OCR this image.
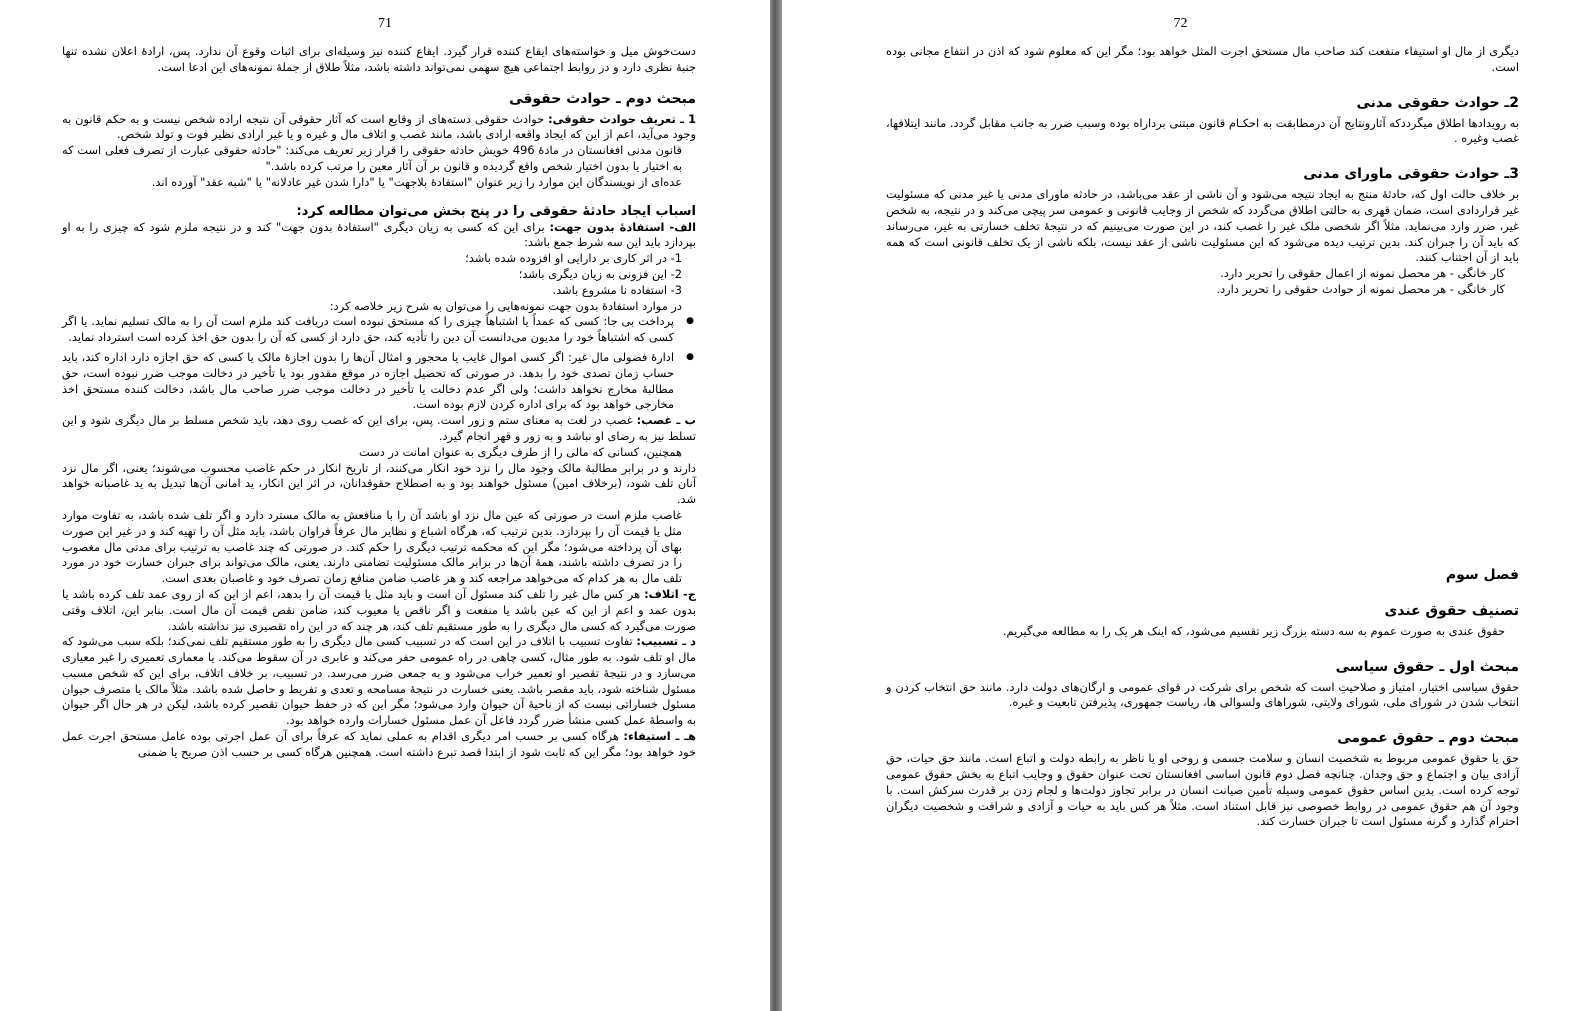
71

دست‌خوش میل و خواسته‌های ایقاع کننده قرار گیرد. ایقاع کننده نیز وسیله‌ای برای اثبات وقوع آن ندارد. پس، ارادهٔ اعلان نشده تنها جنبهٔ نظری دارد و در روابط اجتماعی هیچ سهمی نمی‌تواند داشته باشد، مثلاً طلاق از جملهٔ نمونه‌های این ادعا است.

مبحث دوم ـ حوادث حقوقی

1 ـ تعریف حوادث حقوقی: حوادث حقوقی دسته‌های از وقایع است که آثار حقوقی آن نتیجه اراده شخص نیست و به حکم قانون به وجود می‌آید، اعم از این که ایجاد واقعه ارادی باشد، مانند غصب و اتلاف مال و غیره و یا غیر ارادی نظیر فوت و تولد شخص.

قانون مدنی افغانستان در مادهٔ 496 خویش حادثه حقوقی را قرار زیر تعریف می‌کند: "حادثه حقوقی عبارت از تصرف فعلی است که به اختیار یا بدون اختیار شخص واقع گردیده و قانون بر آن آثار معین را مرتب کرده باشد."

عده‌ای از نویسندگان این موارد را زیر عنوان "استفادهٔ بلاجهت" یا "دارا شدن غیر عادلانه" یا "شبه عقد" آورده اند.

اسباب ایجاد حادثهٔ حقوقی را در پنج بخش می‌توان مطالعه کرد:

الف- استفادهٔ بدون جهت: برای این که کسی به زیان دیگری "استفادهٔ بدون جهت" کند و در نتیجه ملزم شود که چیزی را به او بپردازد باید این سه شرط جمع باشد:

1- در اثر کاری بر دارایی او افزوده شده باشد؛

2- این فزونی به زیان دیگری باشد؛

3- استفاده نا مشروع باشد.

در موارد استفادهٔ بدون جهت نمونه‌هایی را می‌توان به شرح زیر خلاصه کرد:

● پرداخت بی جا: کسی که عمداً یا اشتباهاً چیزی را که مستحق نبوده است دریافت کند ملزم است آن را به مالک تسلیم نماید. یا اگر کسی که اشتباهاً خود را مدیون می‌دانست آن دین را تأدیه کند، حق دارد از کسی که آن را بدون حق اخذ کرده است استرداد نماید.
● ادارهٔ فضولی مال غیر: اگر کسی اموال غایب یا محجور و امثال آن‌ها را بدون اجازهٔ مالک یا کسی که حق اجازه دارد اداره کند، باید حساب زمان تصدی خود را بدهد. در صورتی که تحصیل اجازه در موقع مقدور بود یا تأخیر در دخالت موجب ضرر نبوده است، حق مطالبهٔ مخارج نخواهد داشت؛ ولی اگر عدم دخالت یا تأخیر در دخالت موجب ضرر صاحب مال باشد، دخالت کننده مستحق اخذ مخارجی خواهد بود که برای اداره کردن لازم بوده است.

ب ـ غصب: غصب در لغت به معنای ستم و زور است. پس، برای این که غصب روی دهد، باید شخص مسلط بر مال دیگری شود و این تسلط نیز به رضای او نباشد و به زور و قهر انجام گیرد.

همچنین، کسانی که مالی را از طرف دیگری به عنوان امانت در دست

دارند و در برابر مطالبهٔ مالک وجود مال را نزد خود انکار می‌کنند، از تاریخ انکار در حکم غاصب محسوب می‌شوند؛ یعنی، اگر مال نزد آنان تلف شود، (برخلاف امین) مسئول خواهند بود و به اصطلاح حقوقدانان، در اثر این انکار، ید امانی آن‌ها تبدیل به ید غاصبانه خواهد شد.

غاصب ملزم است در صورتی که عین مال نزد او باشد آن را با منافعش به مالک مسترد دارد و اگر تلف شده باشد، به تفاوت موارد مثل یا قیمت آن را بپردازد. بدین ترتیب که، هرگاه اشباع و نظایر مال عرفاً فراوان باشد، باید مثل آن را تهیه کند و در غیر این صورت بهای آن پرداخته می‌شود؛ مگر این که محکمه ترتیب دیگری را حکم کند. در صورتی که چند غاصب به ترتیب برای مدتی مال مغصوب را در تصرف داشته باشند، همهٔ آن‌ها در برابر مالک مسئولیت تضامنی دارند. یعنی، مالک می‌تواند برای جبران خسارت خود در مورد تلف مال به هر کدام که می‌خواهد مراجعه کند و هر غاصب ضامن منافع زمان تصرف خود و غاصبان بعدی است.

ج- اتلاف: هر کس مال غیر را تلف کند مسئول آن است و باید مثل یا قیمت آن را بدهد، اعم از این که از روی عمد تلف کرده باشد یا بدون عمد و اعم از این که عین باشد یا منفعت و اگر ناقص یا معیوب کند، ضامن نقص قیمت آن مال است. بنابر این، اتلاف وقتی صورت می‌گیرد که کسی مال دیگری را به طور مستقیم تلف کند، هر چند که در این راه تقصیری نیز نداشته باشد.

د ـ تسبیب: تفاوت تسبیب با اتلاف در این است که در تسبیب کسی مال دیگری را به طور مستقیم تلف نمی‌کند؛ بلکه سبب می‌شود که مال او تلف شود. به طور مثال، کسی چاهی در راه عمومی حفر می‌کند و عابری در آن سقوط می‌کند. یا معماری تعمیری را غیر معیاری می‌سازد و در نتیجهٔ تقصیر او تعمیر خراب می‌شود و به جمعی ضرر می‌رسد. در تسبیب، بر خلاف اتلاف، برای این که شخص مسبب مسئول شناخته شود، باید مقصر باشد. یعنی خسارت در نتیجهٔ مسامحه و تعدی و تفریط و حاصل شده باشد. مثلاً مالک یا متصرف حیوان مسئول خساراتی نیست که از ناحیهٔ آن حیوان وارد می‌شود؛ مگر این که در حفظ حیوان تقصیر کرده باشد، لیکن در هر حال اگر حیوان به واسطهٔ عمل کسی منشأ ضرر گردد فاعل آن عمل مسئول خسارات وارده خواهد بود.

هـ ـ استیفاء: هرگاه کسی بر حسب امر دیگری اقدام به عملی نماید که عرفاً برای آن عمل اجرتی بوده عامل مستحق اجرت عمل خود خواهد بود؛ مگر این که ثابت شود از ابتدا قصد تبرع داشته است. همچنین هرگاه کسی بر حسب اذن صریح یا ضمنی

72

دیگری از مال او استیفاء منفعت کند صاحب مال مستحق اجرت المثل خواهد بود؛ مگر این که معلوم شود که اذن در انتفاع مجانی بوده است.

2ـ حوادث حقوقی مدنی

به رویدادها اطلاق میگرددکه آثارونتایج آن درمطابقت به احکـام قانون مبتنی برداراه بوده وسبب ضرر به جانب مقابل گردد. مانند ایتلافها، غصب وغیره .

3ـ حوادث حقوقی ماورای مدنی

بر خلاف حالت اول که، حادثهٔ منتج به ایجاد نتیجه می‌شود و آن ناشی از عقد می‌باشد، در حادثه ماورای مدنی یا غیر مدنی که مسئولیت غیر قراردادی است، ضمان قهری به حالتی اطلاق می‌گردد که شخص از وجایب قانونی و عمومی سر پیچی می‌کند و در نتیجه، به شخص غیر، ضرر وارد می‌نماید. مثلاً اگر شخصی ملک غیر را غصب کند، در این صورت می‌بینیم که در نتیجهٔ تخلف خسارتی به غیر، می‌رساند که باید آن را جبران کند. بدین ترتیب دیده می‌شود که این مسئولیت ناشی از عقد نیست، بلکه ناشی از یک تخلف قانونی است که همه باید از آن اجتناب کنند.

کار خانگی - هر محصل نمونه از اعمال حقوقی را تحریر دارد.

کار خانگی - هر محصل نمونه از حوادث حقوقی را تحریر دارد.

فصل سوم
تصنیف حقوق عندی

حقوق عندی به صورت عموم به سه دسته بزرگ زیر تقسیم می‌شود، که اینک هر یک را به مطالعه می‌گیریم.

مبحث اول ـ حقوق سیاسی

حقوق سیاسی اختیار، امتیاز و صلاحیتِ است که شخص برای شرکت در قوای عمومی و ارگان‌های دولت دارد. مانند حق انتخاب کردن و انتخاب شدن در شورای ملی، شورای ولایتی، شوراهای ولسوالی ها، ریاست جمهوری، پذیرفتن تابعیت و غیره.

مبحث دوم ـ حقوق عمومی

حق یا حقوق عمومی مربوط به شخصیت انسان و سلامت جسمی و روحی او یا ناظر به رابطه دولت و اتباع است. مانند حق حیات، حق آزادی بیان و اجتماع و حق وجدان. چنانچه فصل دوم قانون اساسی افغانستان تحت عنوان حقوق و وجایب اتباع به بخش حقوق عمومی توجه کرده است. بدین اساس حقوق عمومی وسیله تأمین صیانت انسان در برابر تجاوز دولت‌ها و لجام زدن بر قدرت سرکش است. با وجود آن هم حقوق عمومی در روابط خصوصی نیز قابل استناد است. مثلاً هر کس باید به حیات و آزادی و شرافت و شخصیت دیگران احترام گذارد و گرنه مسئول است تا جبران خسارت کند.
